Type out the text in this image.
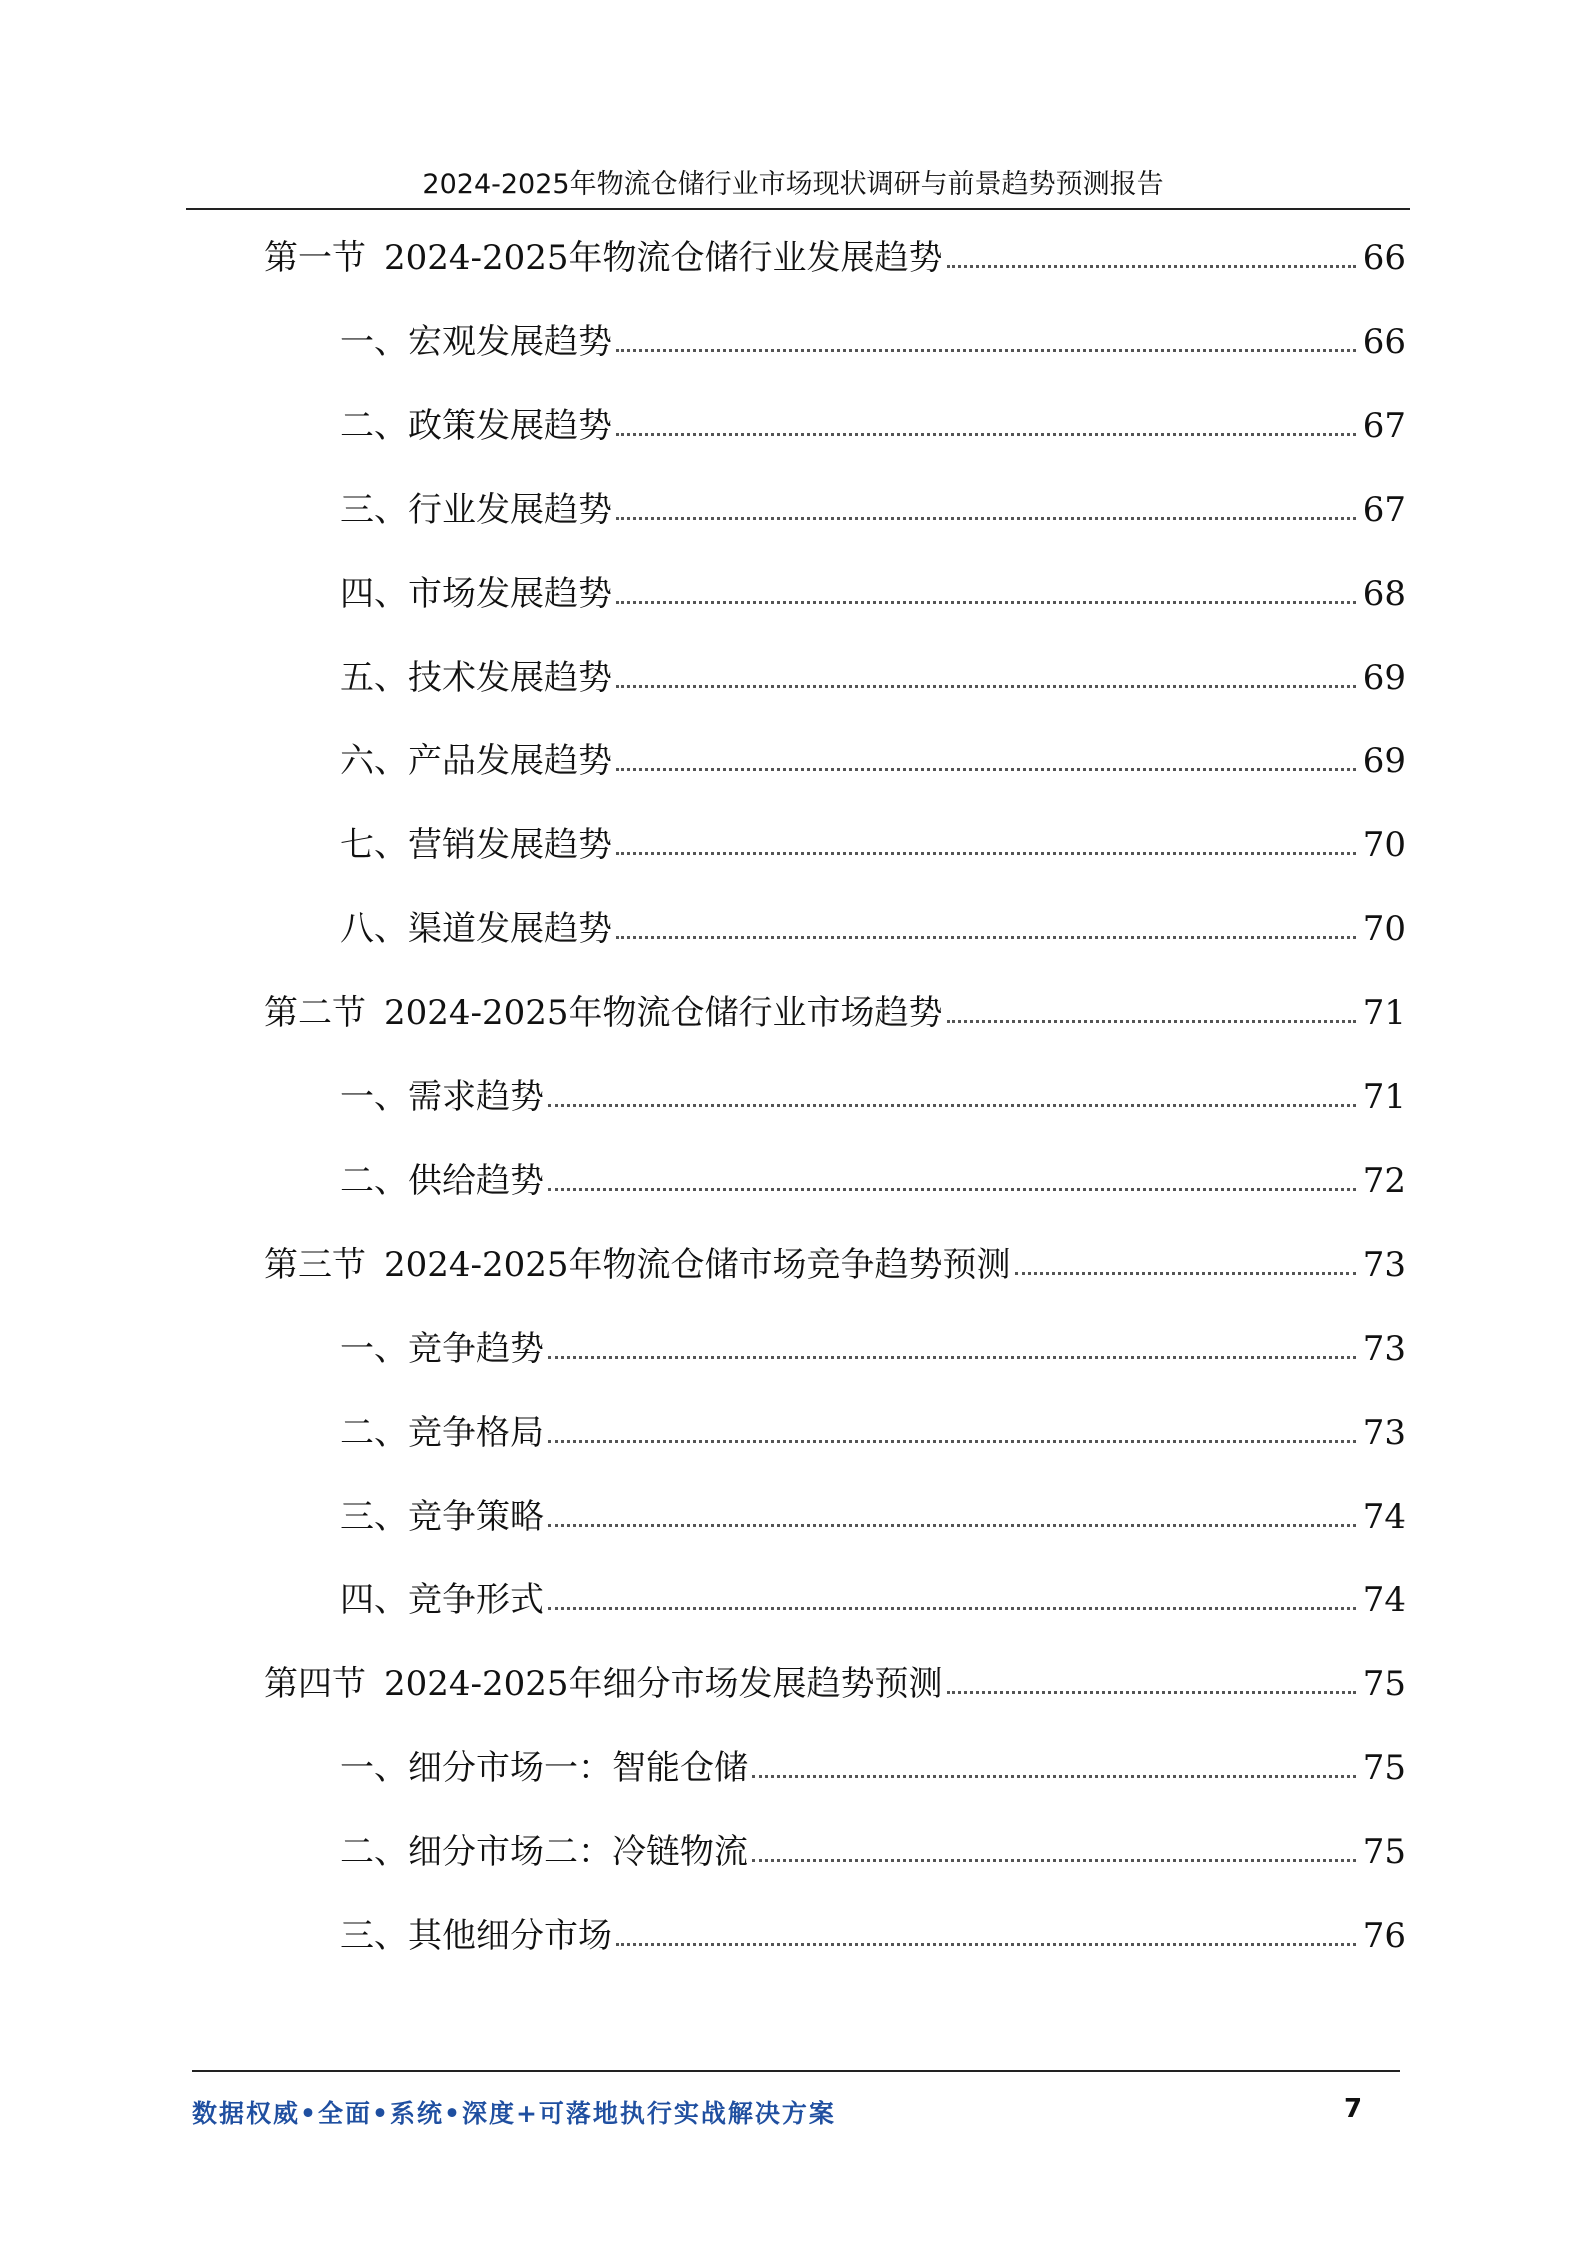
2024-2025年物流仓储行业市场现状调研与前景趋势预测报告
第一节 2024-2025年物流仓储行业发展趋势	66
一、宏观发展趋势	66
二、政策发展趋势	67
三、行业发展趋势	67
四、市场发展趋势	68
五、技术发展趋势	69
六、产品发展趋势	69
七、营销发展趋势	70
八、渠道发展趋势	70
第二节 2024-2025年物流仓储行业市场趋势	71
一、需求趋势	71
二、供给趋势	72
第三节 2024-2025年物流仓储市场竞争趋势预测	73
一、竞争趋势	73
二、竞争格局	73
三、竞争策略	74
四、竞争形式	74
第四节 2024-2025年细分市场发展趋势预测	75
一、细分市场一：智能仓储	75
二、细分市场二：冷链物流	75
三、其他细分市场	76
数据权威•全面•系统•深度+可落地执行实战解决方案	7
